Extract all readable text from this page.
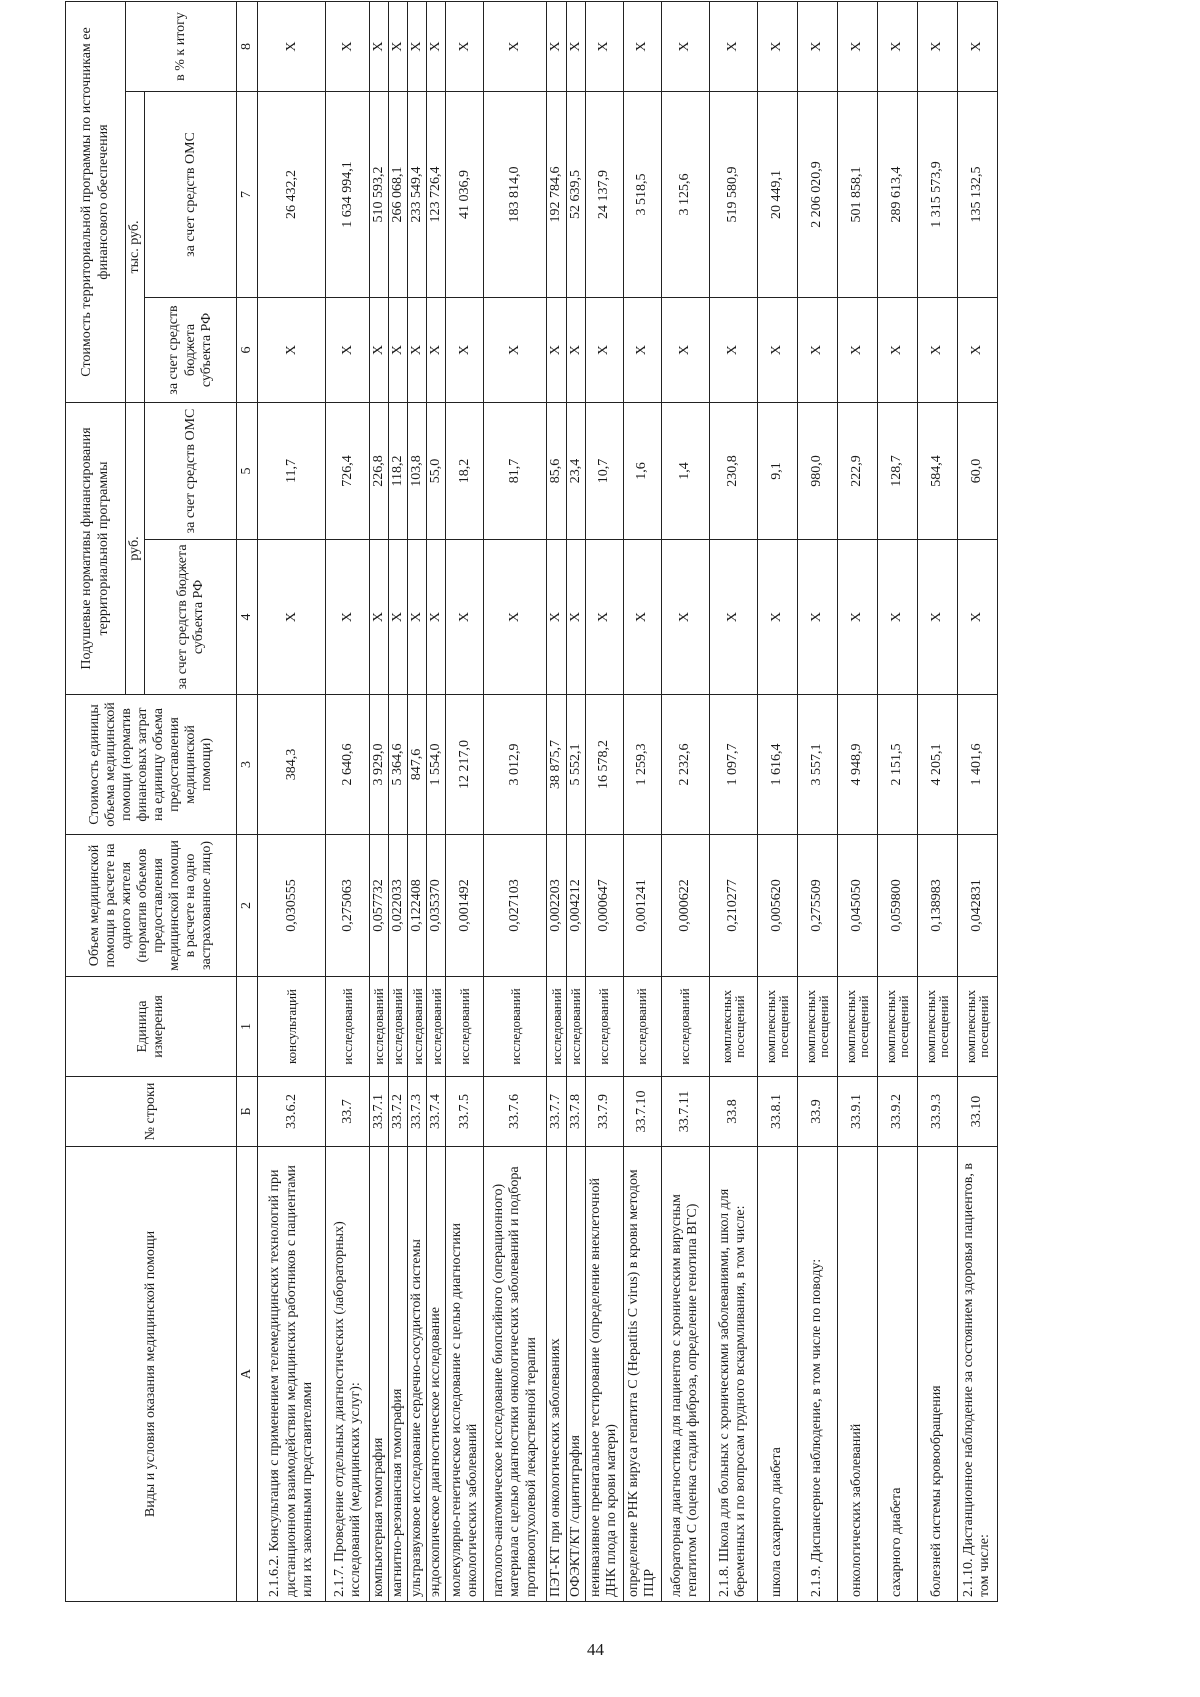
44
Виды и условия оказания медицинской помощи	№ строки	Единица измерения	Объем медицинской помощи в расчете на одного жителя (норматив объемов предоставления медицинской помощи в расчете на одно застрахованное лицо)	Стоимость единицы объема медицинской помощи (норматив финансовых затрат на единицу объема предоставления медицинской помощи)	Подушевые нормативы финансирования территориальной программы		Стоимость территориальной программы по источникам ее финансового обеспечения		
					руб.		тыс. руб.		в % к итогу
					за счет средств бюджета субъекта РФ	за счет средств ОМС	за счет средств бюджета субъекта РФ	за счет средств ОМС	
А	Б	1	2	3	4	5	6	7	8
2.1.6.2. Консультация с применением телемедицинских технологий при дистанционном взаимодействии медицинских работников с пациентами или их законными представителями	33.6.2	консультаций	0,030555	384,3	Х	11,7	Х	26 432,2	Х
2.1.7. Проведение отдельных диагностических (лабораторных) исследований (медицинских услуг):	33.7	исследований	0,275063	2 640,6	Х	726,4	Х	1 634 994,1	Х
компьютерная томография	33.7.1	исследований	0,057732	3 929,0	Х	226,8	Х	510 593,2	Х
магнитно-резонансная томография	33.7.2	исследований	0,022033	5 364,6	Х	118,2	Х	266 068,1	Х
ультразвуковое исследование сердечно-сосудистой системы	33.7.3	исследований	0,122408	847,6	Х	103,8	Х	233 549,4	Х
эндоскопическое диагностическое исследование	33.7.4	исследований	0,035370	1 554,0	Х	55,0	Х	123 726,4	Х
молекулярно-генетическое исследование с целью диагностики онкологических заболеваний	33.7.5	исследований	0,001492	12 217,0	Х	18,2	Х	41 036,9	Х
патолого-анатомическое исследование биопсийного (операционного) материала с целью диагностики онкологических заболеваний и подбора противоопухолевой лекарственной терапии	33.7.6	исследований	0,027103	3 012,9	Х	81,7	Х	183 814,0	Х
ПЭТ-КТ при онкологических заболеваниях	33.7.7	исследований	0,002203	38 875,7	Х	85,6	Х	192 784,6	Х
ОФЭКТ/КТ /сцинтиграфия	33.7.8	исследований	0,004212	5 552,1	Х	23,4	Х	52 639,5	Х
неинвазивное пренатальное тестирование (определение внеклеточной ДНК плода по крови матери)	33.7.9	исследований	0,000647	16 578,2	Х	10,7	Х	24 137,9	Х
определение РНК вируса гепатита С (Hepatitis C virus) в крови методом ПЦР	33.7.10	исследований	0,001241	1 259,3	Х	1,6	Х	3 518,5	Х
лабораторная диагностика для пациентов с хроническим вирусным гепатитом С (оценка стадии фиброза, определение генотипа ВГС)	33.7.11	исследований	0,000622	2 232,6	Х	1,4	Х	3 125,6	Х
2.1.8. Школа для больных с хроническими заболеваниями, школ для беременных и по вопросам грудного вскармливания, в том числе:	33.8	комплексных посещений	0,210277	1 097,7	Х	230,8	Х	519 580,9	Х
школа сахарного диабета	33.8.1	комплексных посещений	0,005620	1 616,4	Х	9,1	Х	20 449,1	Х
2.1.9. Диспансерное наблюдение, в том числе по поводу:	33.9	комплексных посещений	0,275509	3 557,1	Х	980,0	Х	2 206 020,9	Х
онкологических заболеваний	33.9.1	комплексных посещений	0,045050	4 948,9	Х	222,9	Х	501 858,1	Х
сахарного диабета	33.9.2	комплексных посещений	0,059800	2 151,5	Х	128,7	Х	289 613,4	Х
болезней системы кровообращения	33.9.3	комплексных посещений	0,138983	4 205,1	Х	584,4	Х	1 315 573,9	Х
2.1.10. Дистанционное наблюдение за состоянием здоровья пациентов, в том числе:	33.10	комплексных посещений	0,042831	1 401,6	Х	60,0	Х	135 132,5	Х
